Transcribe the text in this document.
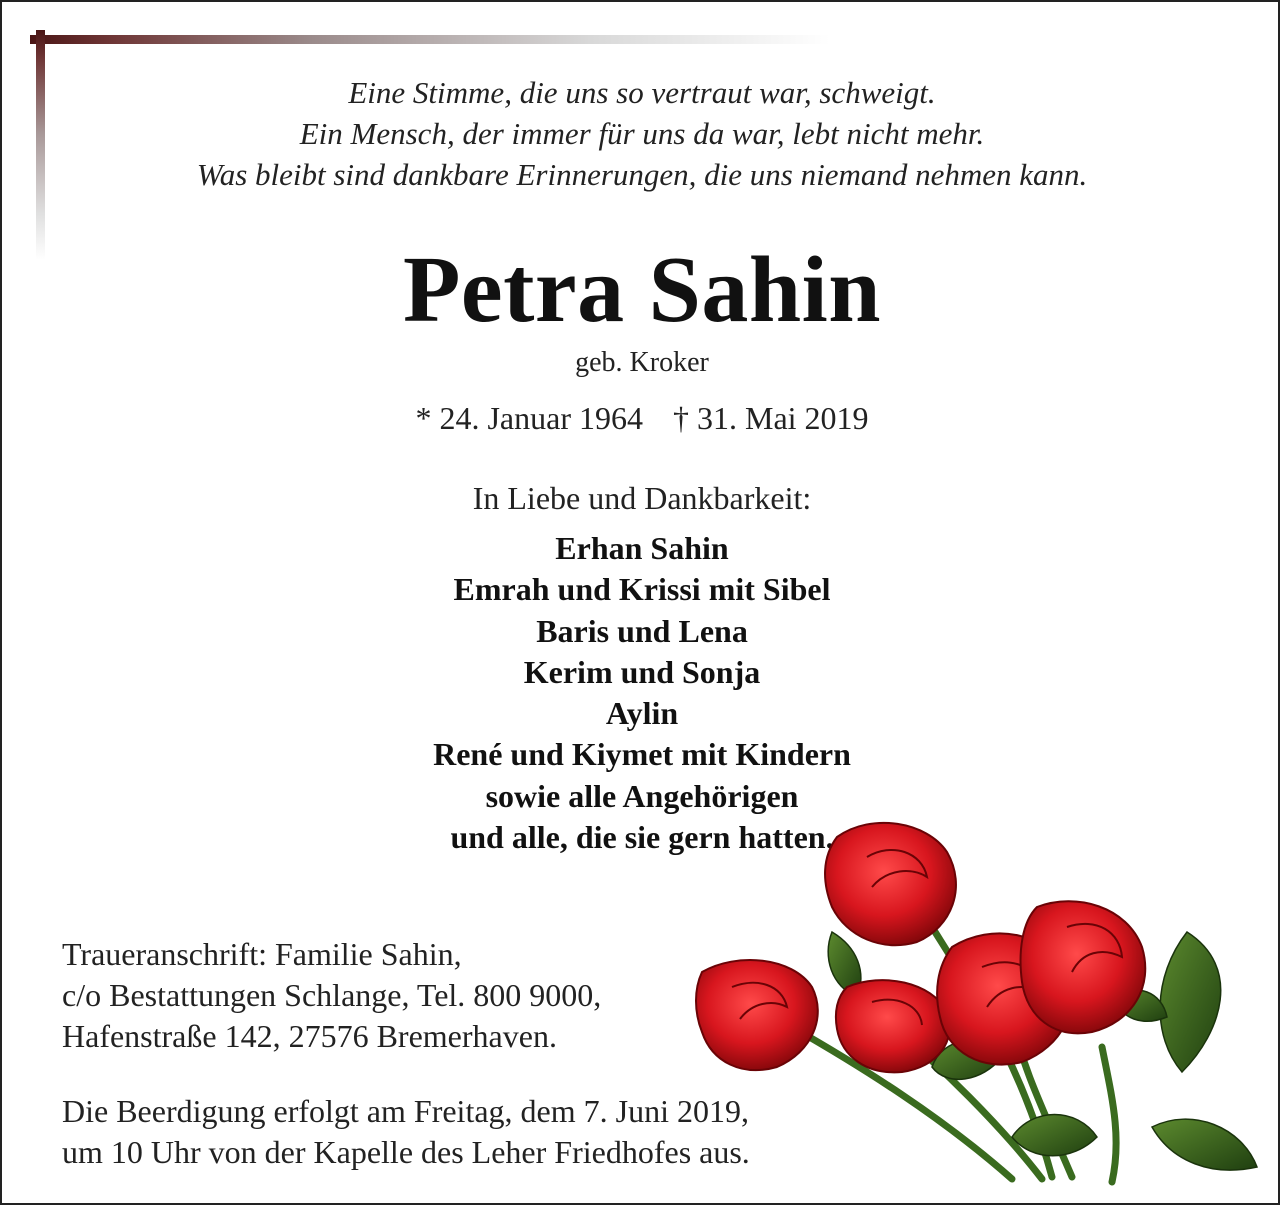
Eine Stimme, die uns so vertraut war, schweigt.
Ein Mensch, der immer für uns da war, lebt nicht mehr.
Was bleibt sind dankbare Erinnerungen, die uns niemand nehmen kann.
Petra Sahin
geb. Kroker
* 24. Januar 1964 † 31. Mai 2019
In Liebe und Dankbarkeit:
Erhan Sahin
Emrah und Krissi mit Sibel
Baris und Lena
Kerim und Sonja
Aylin
René und Kiymet mit Kindern
sowie alle Angehörigen
und alle, die sie gern hatten.
Traueranschrift: Familie Sahin,
c/o Bestattungen Schlange, Tel. 800 9000,
Hafenstraße 142, 27576 Bremerhaven.
Die Beerdigung erfolgt am Freitag, dem 7. Juni 2019,
um 10 Uhr von der Kapelle des Leher Friedhofes aus.
